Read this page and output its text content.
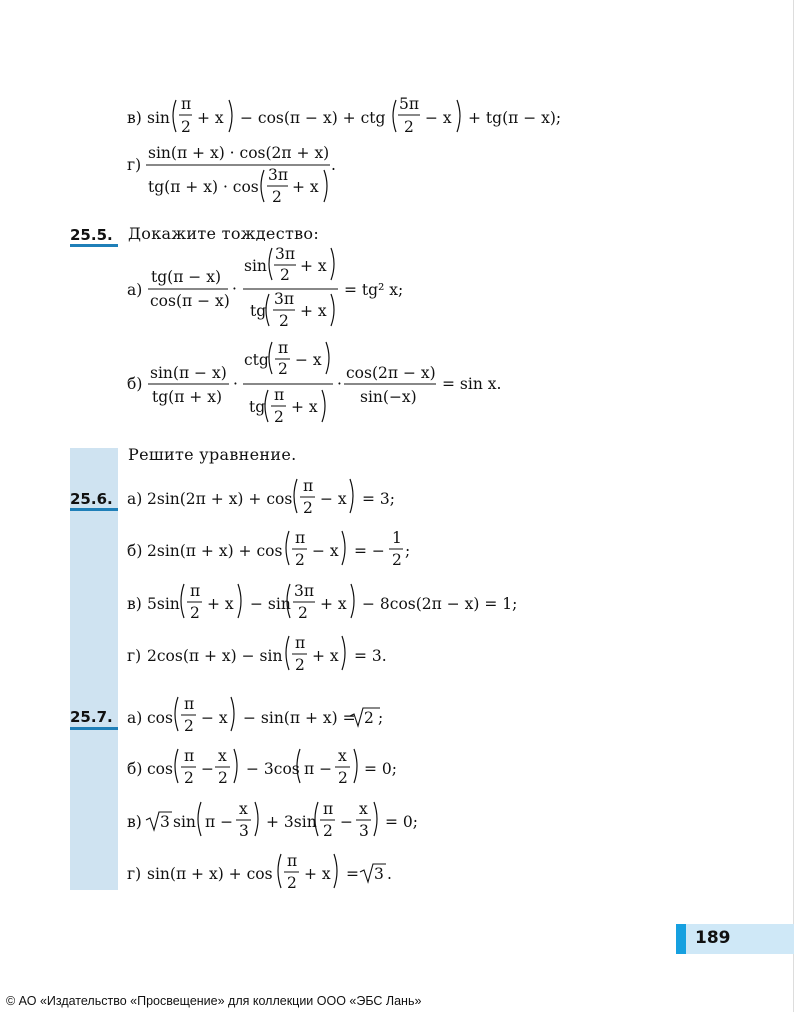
в) sin
π
2 + x − cos(π − x) + ctg
5π
2 − x + tg(π − x);
г)
sin(π + x) · cos(2π + x)
tg(π + x) · cos
3π
2
+ x
.
25.5. Докажите тождество:
а)
tg(π − x)
cos(π − x)
·
sin
3π
2 + x
tg
3π
2
+ x
= tg² x;
б)
sin(π − x)
tg(π + x)
·
ctg
π
2 − x
tg
π
2
+ x
·
cos(2π − x)
sin(−x)
= sin x.
Решите уравнение.
25.6. а) 2sin(2π + x) + cos
π
2 − x = 3;
б) 2sin(π + x) + cos
π
2 − x = −
1
2 ;
в) 5sin
π
2 + x − sin
3π
2 + x − 8cos(2π − x) = 1;
г) 2cos(π + x) − sin
π
2 + x = 3.
25.7. а) cos
π
2 − x − sin(π + x) = 2 ;
б) cos
π
2 −
x
2 − 3cos π −
x
2 = 0;
в) 3 sin π −
x
3 + 3sin
π
2 −
x
3 = 0;
г) sin(π + x) + cos
π
2 + x = 3 .
189
© АО «Издательство «Просвещение» для коллекции ООО «ЭБС Лань»
